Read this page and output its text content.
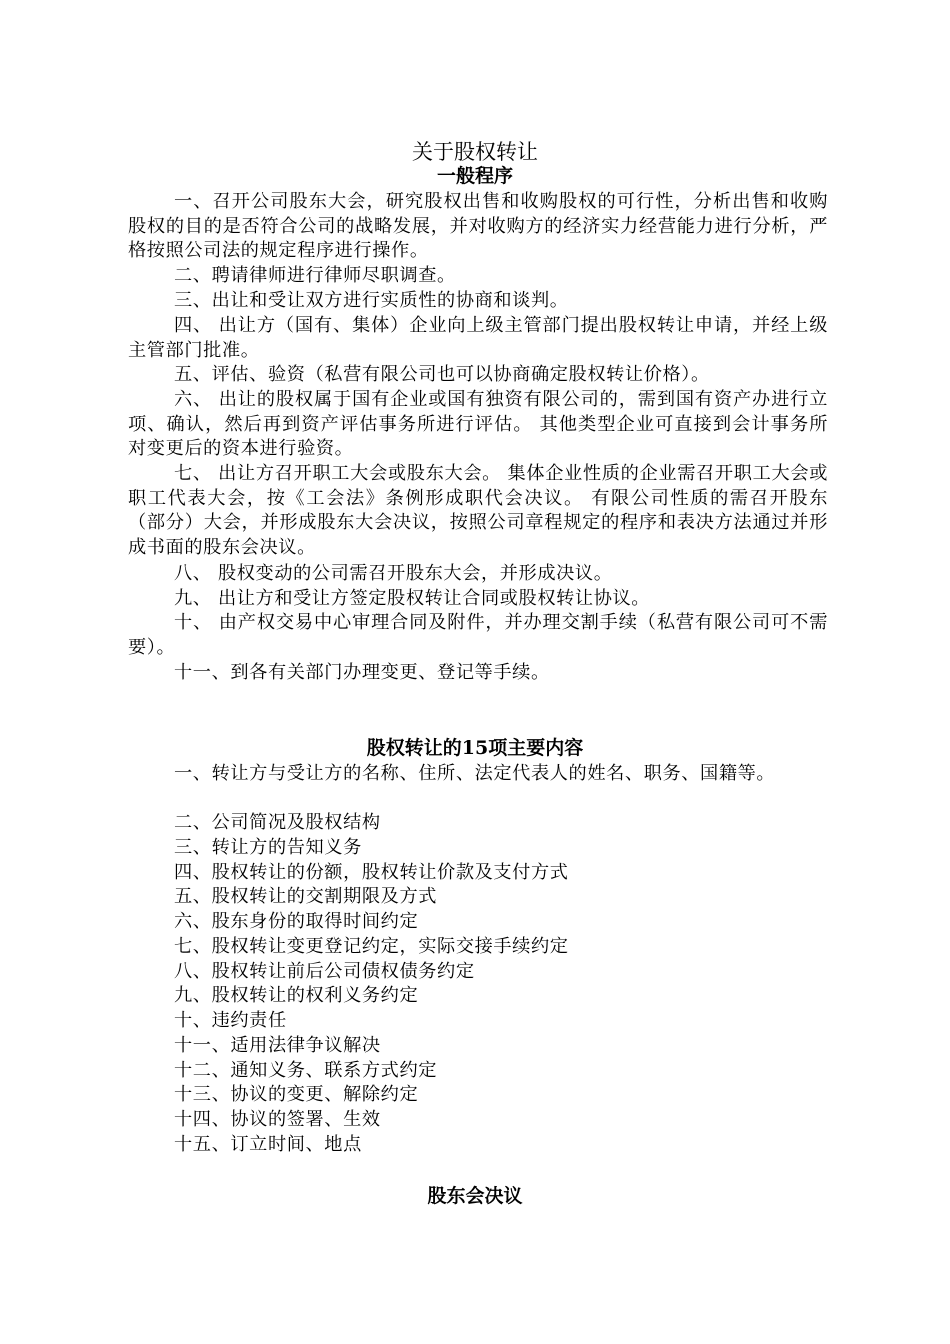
关于股权转让
一般程序
一、召开公司股东大会，研究股权出售和收购股权的可行性，分析出售和收购股权的目的是否符合公司的战略发展，并对收购方的经济实力经营能力进行分析，严格按照公司法的规定程序进行操作。
二、聘请律师进行律师尽职调查。
三、出让和受让双方进行实质性的协商和谈判。
四、 出让方（国有、集体）企业向上级主管部门提出股权转让申请，并经上级主管部门批准。
五、评估、验资（私营有限公司也可以协商确定股权转让价格）。
六、 出让的股权属于国有企业或国有独资有限公司的，需到国有资产办进行立项、确认，然后再到资产评估事务所进行评估。 其他类型企业可直接到会计事务所对变更后的资本进行验资。
七、 出让方召开职工大会或股东大会。 集体企业性质的企业需召开职工大会或职工代表大会，按《工会法》条例形成职代会决议。 有限公司性质的需召开股东（部分）大会，并形成股东大会决议，按照公司章程规定的程序和表决方法通过并形成书面的股东会决议。
八、 股权变动的公司需召开股东大会，并形成决议。
九、 出让方和受让方签定股权转让合同或股权转让协议。
十、 由产权交易中心审理合同及附件，并办理交割手续（私营有限公司可不需要）。
十一、到各有关部门办理变更、登记等手续。
股权转让的15项主要内容
一、转让方与受让方的名称、住所、法定代表人的姓名、职务、国籍等。
二、公司简况及股权结构
三、转让方的告知义务
四、股权转让的份额，股权转让价款及支付方式
五、股权转让的交割期限及方式
六、股东身份的取得时间约定
七、股权转让变更登记约定，实际交接手续约定
八、股权转让前后公司债权债务约定
九、股权转让的权利义务约定
十、违约责任
十一、适用法律争议解决
十二、通知义务、联系方式约定
十三、协议的变更、解除约定
十四、协议的签署、生效
十五、订立时间、地点
股东会决议
